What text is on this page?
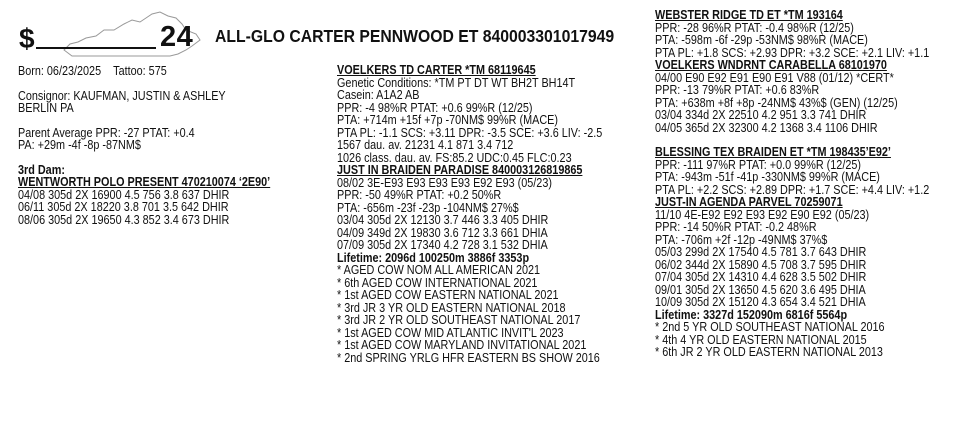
$	24 ALL-GLO CARTER PENNWOOD ET 840003301017949
Born: 06/23/2025 Tattoo: 575
Consignor: KAUFMAN, JUSTIN & ASHLEY
BERLIN PA
Parent Average PPR: -27 PTAT: +0.4
PA: +29m -4f -8p -87NM$
3rd Dam:
WENTWORTH POLO PRESENT 470210074 ‘2E90’
04/08 305d 2X 16900 4.5 756 3.8 637 DHIR
06/11 305d 2X 18220 3.8 701 3.5 642 DHIR
08/06 305d 2X 19650 4.3 852 3.4 673 DHIR
VOELKERS TD CARTER *TM 68119645
Genetic Conditions: *TM PT DT WT BH2T BH14T
Casein: A1A2 AB
PPR: -4 98%R PTAT: +0.6 99%R (12/25)
PTA: +714m +15f +7p -70NM$ 99%R (MACE)
PTA PL: -1.1 SCS: +3.11 DPR: -3.5 SCE: +3.6 LIV: -2.5
1567 dau. av. 21231 4.1 871 3.4 712
1026 class. dau. av. FS:85.2 UDC:0.45 FLC:0.23
JUST IN BRAIDEN PARADISE 840003126819865
08/02 3E-E93 E93 E93 E93 E92 E93 (05/23)
PPR: -50 49%R PTAT: +0.2 50%R
PTA: -656m -23f -23p -104NM$ 27%$
03/04 305d 2X 12130 3.7 446 3.3 405 DHIR
04/09 349d 2X 19830 3.6 712 3.3 661 DHIA
07/09 305d 2X 17340 4.2 728 3.1 532 DHIA
Lifetime: 2096d 100250m 3886f 3353p
* AGED COW NOM ALL AMERICAN 2021
* 6th AGED COW INTERNATIONAL 2021
* 1st AGED COW EASTERN NATIONAL 2021
* 3rd JR 3 YR OLD EASTERN NATIONAL 2018
* 3rd JR 2 YR OLD SOUTHEAST NATIONAL 2017
* 1st AGED COW MID ATLANTIC INVIT'L 2023
* 1st AGED COW MARYLAND INVITATIONAL 2021
* 2nd SPRING YRLG HFR EASTERN BS SHOW 2016
WEBSTER RIDGE TD ET *TM 193164
PPR: -28 96%R PTAT: -0.4 98%R (12/25)
PTA: -598m -6f -29p -53NM$ 98%R (MACE)
PTA PL: +1.8 SCS: +2.93 DPR: +3.2 SCE: +2.1 LIV: +1.1
VOELKERS WNDRNT CARABELLA 68101970
04/00 E90 E92 E91 E90 E91 V88 (01/12) *CERT*
PPR: -13 79%R PTAT: +0.6 83%R
PTA: +638m +8f +8p -24NM$ 43%$ (GEN) (12/25)
03/04 334d 2X 22510 4.2 951 3.3 741 DHIR
04/05 365d 2X 32300 4.2 1368 3.4 1106 DHIR
BLESSING TEX BRAIDEN ET *TM 198435’E92’
PPR: -111 97%R PTAT: +0.0 99%R (12/25)
PTA: -943m -51f -41p -330NM$ 99%R (MACE)
PTA PL: +2.2 SCS: +2.89 DPR: +1.7 SCE: +4.4 LIV: +1.2
JUST-IN AGENDA PARVEL 70259071
11/10 4E-E92 E92 E93 E92 E90 E92 (05/23)
PPR: -14 50%R PTAT: -0.2 48%R
PTA: -706m +2f -12p -49NM$ 37%$
05/03 299d 2X 17540 4.5 781 3.7 643 DHIR
06/02 344d 2X 15890 4.5 708 3.7 595 DHIR
07/04 305d 2X 14310 4.4 628 3.5 502 DHIR
09/01 305d 2X 13650 4.5 620 3.6 495 DHIA
10/09 305d 2X 15120 4.3 654 3.4 521 DHIA
Lifetime: 3327d 152090m 6816f 5564p
* 2nd 5 YR OLD SOUTHEAST NATIONAL 2016
* 4th 4 YR OLD EASTERN NATIONAL 2015
* 6th JR 2 YR OLD EASTERN NATIONAL 2013
